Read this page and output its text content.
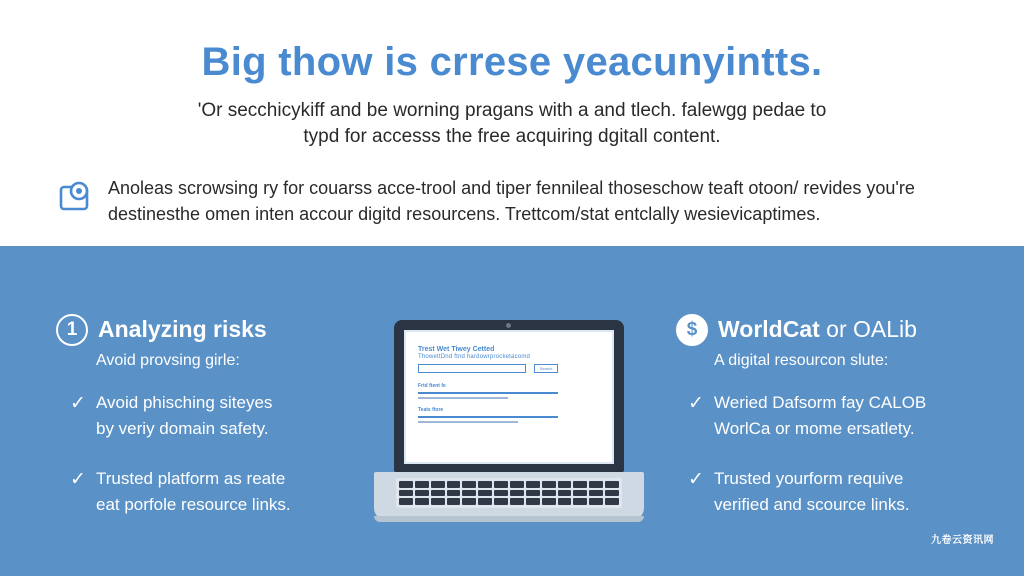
Big thow is crrese yeacunyintts.
'Or secchicykiff and be worning pragans with a and tlech. falewgg pedae to
typd for accesss the free acquiring dgitall content.
Anoleas scrowsing ry for couarss acce-trool and tiper fennileal thoseschow teaft otoon/ revides you're
destinesthe omen inten accour digitd resourcens. Trettcom/stat entclally wesievicaptimes.
1 Analyzing risks
Avoid provsing girle:
✓ Avoid phisching siteyes
by veriy domain safety.
✓ Trusted platform as reate
eat porfole resource links.
$ WorldCat or OALib
A digital resourcon slute:
✓ Weried Dafsorm fay CALOB
WorlCa or mome ersatlety.
✓ Trusted yourform requive
verified and scource links.
九卷云资讯网
Trest Wet Tiwey Cetted
ThowettDnd ftnd hardowrprocketacomd
Search
Frtd ftent fe
Teats ftore
